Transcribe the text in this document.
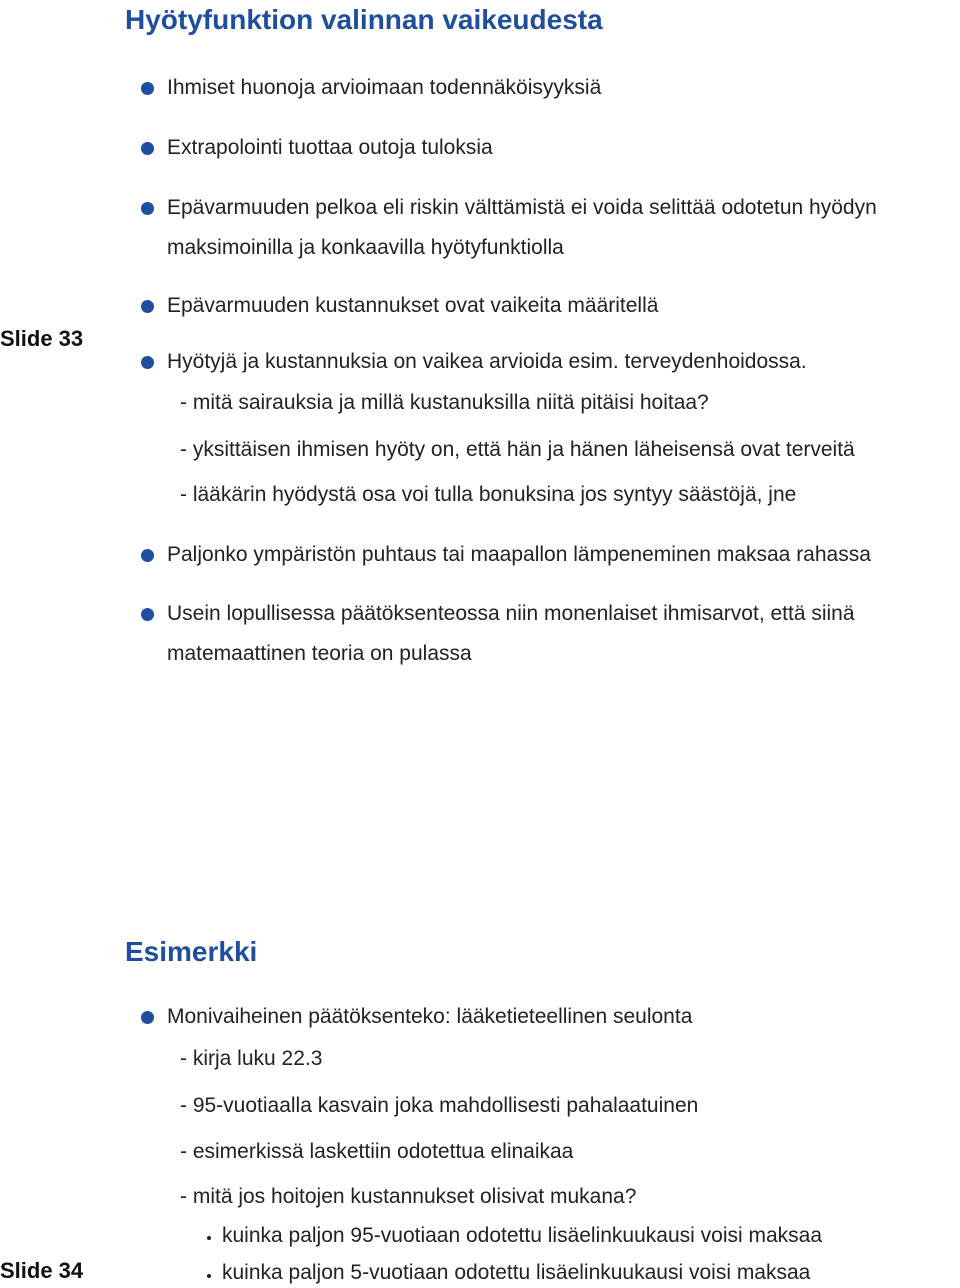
Hyötyfunktion valinnan vaikeudesta
Slide 33
Ihmiset huonoja arvioimaan todennäköisyyksiä
Extrapolointi tuottaa outoja tuloksia
Epävarmuuden pelkoa eli riskin välttämistä ei voida selittää odotetun hyödyn
maksimoinilla ja konkaavilla hyötyfunktiolla
Epävarmuuden kustannukset ovat vaikeita määritellä
Hyötyjä ja kustannuksia on vaikea arvioida esim. terveydenhoidossa.
- mitä sairauksia ja millä kustanuksilla niitä pitäisi hoitaa?
- yksittäisen ihmisen hyöty on, että hän ja hänen läheisensä ovat terveitä
- lääkärin hyödystä osa voi tulla bonuksina jos syntyy säästöjä, jne
Paljonko ympäristön puhtaus tai maapallon lämpeneminen maksaa rahassa
Usein lopullisessa päätöksenteossa niin monenlaiset ihmisarvot, että siinä
matemaattinen teoria on pulassa
Esimerkki
Monivaiheinen päätöksenteko: lääketieteellinen seulonta
- kirja luku 22.3
- 95-vuotiaalla kasvain joka mahdollisesti pahalaatuinen
- esimerkissä laskettiin odotettua elinaikaa
- mitä jos hoitojen kustannukset olisivat mukana?
kuinka paljon 95-vuotiaan odotettu lisäelinkuukausi voisi maksaa
kuinka paljon 5-vuotiaan odotettu lisäelinkuukausi voisi maksaa
Slide 34
